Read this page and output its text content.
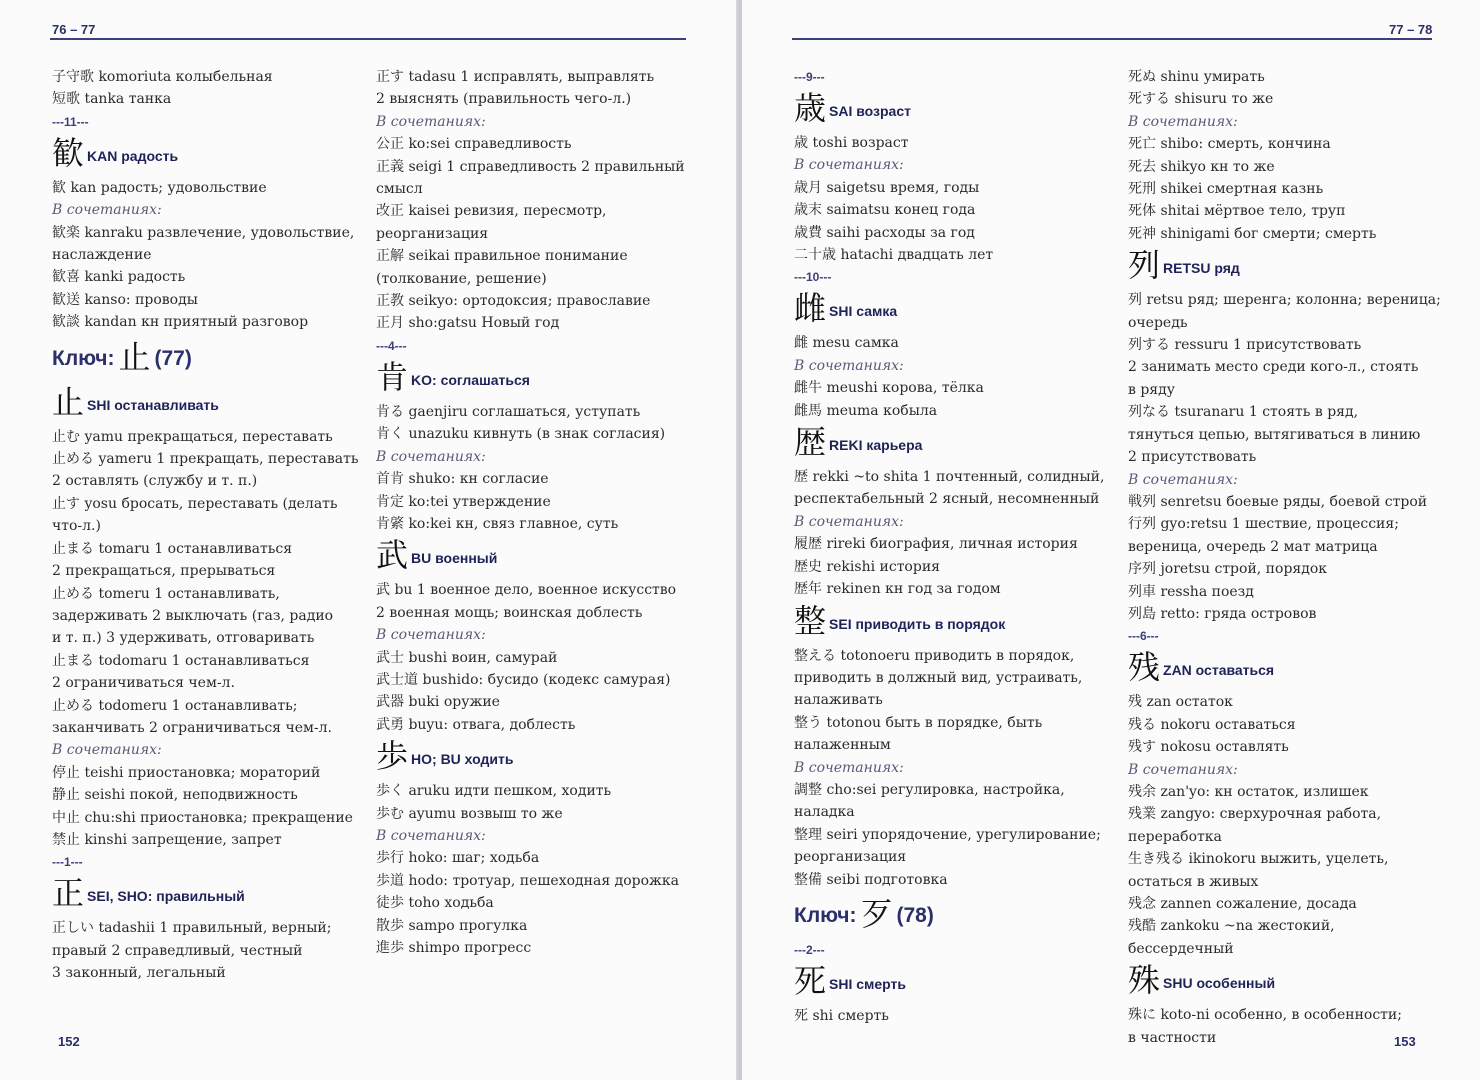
76 – 77
子守歌 komoriuta колыбельная
短歌 tanka танка
---11---
歓KAN радость
歓 kan радость; удовольствие
В сочетаниях:
歓楽 kanraku развлечение, удовольствие,
наслаждение
歓喜 kanki радость
歓送 kanso: проводы
歓談 kandan кн приятный разговор
Ключ: 止 (77)
止SHI останавливать
止む yamu прекращаться, переставать
止める yameru 1 прекращать, переставать
2 оставлять (службу и т. п.)
止す yosu бросать, переставать (делать
что-л.)
止まる tomaru 1 останавливаться
2 прекращаться, прерываться
止める tomeru 1 останавливать,
задерживать 2 выключать (газ, радио
и т. п.) 3 удерживать, отговаривать
止まる todomaru 1 останавливаться
2 ограничиваться чем-л.
止める todomeru 1 останавливать;
заканчивать 2 ограничиваться чем-л.
В сочетаниях:
停止 teishi приостановка; мораторий
静止 seishi покой, неподвижность
中止 chu:shi приостановка; прекращение
禁止 kinshi запрещение, запрет
---1---
正SEI, SHO: правильный
正しい tadashii 1 правильный, верный;
правый 2 справедливый, честный
3 законный, легальный
正す tadasu 1 исправлять, выправлять
2 выяснять (правильность чего-л.)
В сочетаниях:
公正 ko:sei справедливость
正義 seigi 1 справедливость 2 правильный
смысл
改正 kaisei ревизия, пересмотр,
реорганизация
正解 seikai правильное понимание
(толкование, решение)
正教 seikyo: ортодоксия; православие
正月 sho:gatsu Новый год
---4---
肯KO: соглашаться
肯る gaenjiru соглашаться, уступать
肯く unazuku кивнуть (в знак согласия)
В сочетаниях:
首肯 shuko: кн согласие
肯定 ko:tei утверждение
肯綮 ko:kei кн, связ главное, суть
武BU военный
武 bu 1 военное дело, военное искусство
2 военная мощь; воинская доблесть
В сочетаниях:
武士 bushi воин, самурай
武士道 bushido: бусидо (кодекс самурая)
武器 buki оружие
武勇 buyu: отвага, доблесть
歩HO; BU ходить
歩く aruku идти пешком, ходить
歩む ayumu возвыш то же
В сочетаниях:
歩行 hoko: шаг; ходьба
歩道 hodo: тротуар, пешеходная дорожка
徒歩 toho ходьба
散歩 sampo прогулка
進歩 shimpo прогресс
152
77 – 78
---9---
歳SAI возраст
歳 toshi возраст
В сочетаниях:
歳月 saigetsu время, годы
歳末 saimatsu конец года
歳費 saihi расходы за год
二十歳 hatachi двадцать лет
---10---
雌SHI самка
雌 mesu самка
В сочетаниях:
雌牛 meushi корова, тёлка
雌馬 meuma кобыла
歴REKI карьера
歴 rekki ~to shita 1 почтенный, солидный,
респектабельный 2 ясный, несомненный
В сочетаниях:
履歴 rireki биография, личная история
歴史 rekishi история
歴年 rekinen кн год за годом
整SEI приводить в порядок
整える totonoeru приводить в порядок,
приводить в должный вид, устраивать,
налаживать
整う totonou быть в порядке, быть
налаженным
В сочетаниях:
調整 cho:sei регулировка, настройка, наладка
整理 seiri упорядочение, урегулирование;
реорганизация
整備 seibi подготовка
Ключ: 歹 (78)
---2---
死SHI смерть
死 shi смерть
死ぬ shinu умирать
死する shisuru то же
В сочетаниях:
死亡 shibo: смерть, кончина
死去 shikyo кн то же
死刑 shikei смертная казнь
死体 shitai мёртвое тело, труп
死神 shinigami бог смерти; смерть
列RETSU ряд
列 retsu ряд; шеренга; колонна; вереница;
очередь
列する ressuru 1 присутствовать
2 занимать место среди кого-л., стоять
в ряду
列なる tsuranaru 1 стоять в ряд,
тянуться цепью, вытягиваться в линию
2 присутствовать
В сочетаниях:
戦列 senretsu боевые ряды, боевой строй
行列 gyo:retsu 1 шествие, процессия;
вереница, очередь 2 мат матрица
序列 joretsu строй, порядок
列車 ressha поезд
列島 retto: гряда островов
---6---
残ZAN оставаться
残 zan остаток
残る nokoru оставаться
残す nokosu оставлять
В сочетаниях:
残余 zan'yo: кн остаток, излишек
残業 zangyo: сверхурочная работа,
переработка
生き残る ikinokoru выжить, уцелеть,
остаться в живых
残念 zannen сожаление, досада
残酷 zankoku ~na жестокий, бессердечный
殊SHU особенный
殊に koto-ni особенно, в особенности;
в частности	153
